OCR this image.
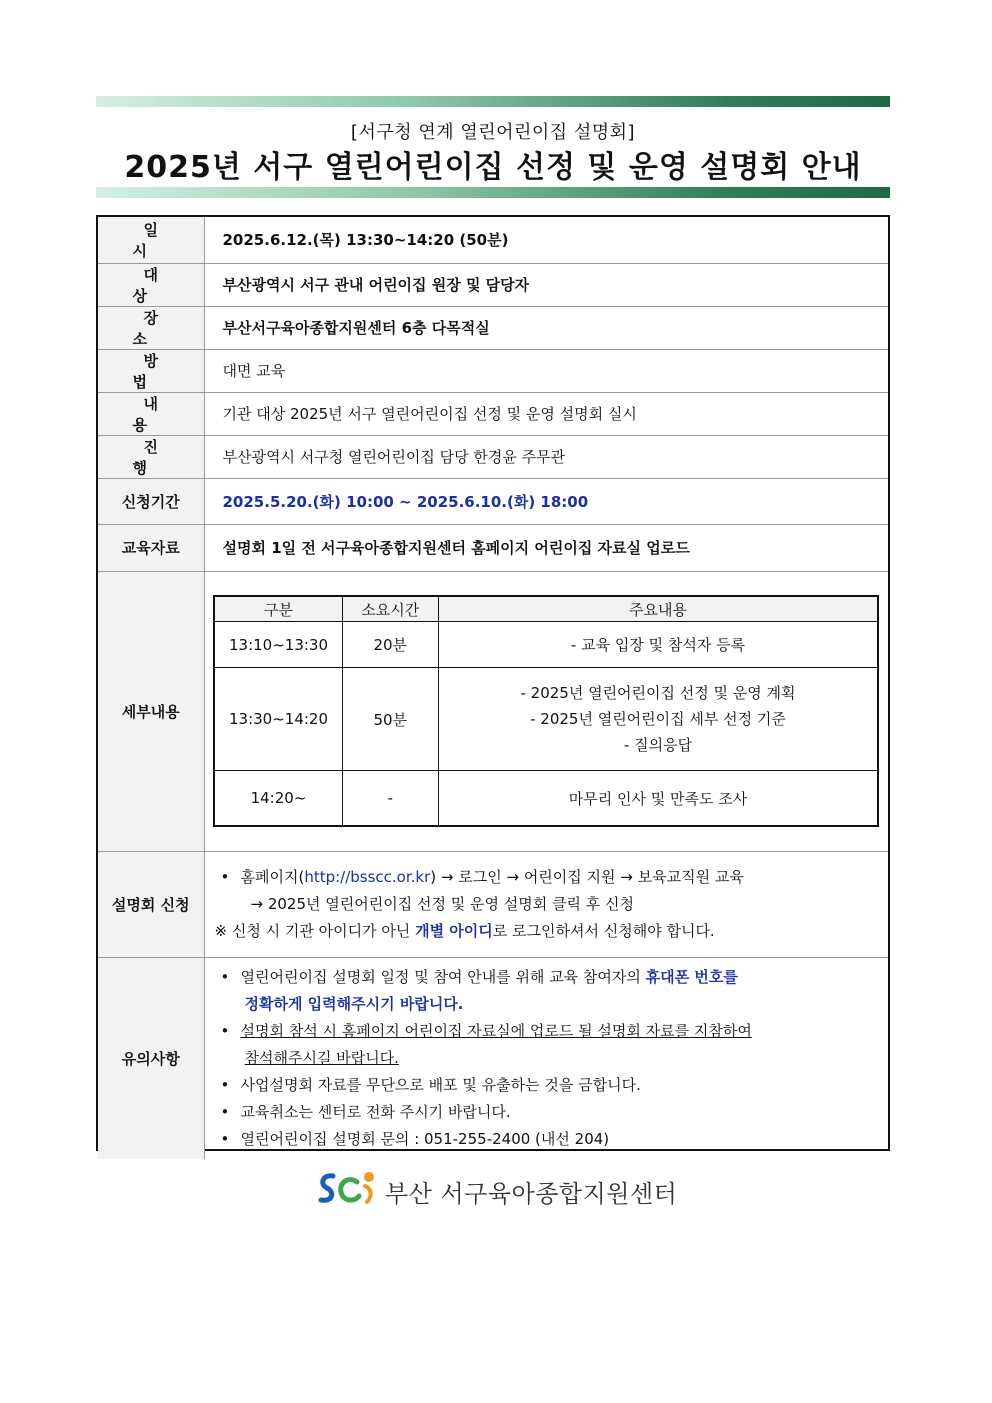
[서구청 연계 열린어린이집 설명회]
2025년 서구 열린어린이집 선정 및 운영 설명회 안내
일 시	2025.6.12.(목) 13:30~14:20 (50분)
대 상	부산광역시 서구 관내 어린이집 원장 및 담당자
장 소	부산서구육아종합지원센터 6층 다목적실
방 법	대면 교육
내 용	기관 대상 2025년 서구 열린어린이집 선정 및 운영 설명회 실시
진 행	부산광역시 서구청 열린어린이집 담당 한경윤 주무관
신청기간	2025.5.20.(화) 10:00 ~ 2025.6.10.(화) 18:00
교육자료	설명회 1일 전 서구육아종합지원센터 홈페이지 어린이집 자료실 업로드
세부내용	
구분	소요시간	주요내용
13:10~13:30	20분	- 교육 입장 및 참석자 등록
13:30~14:20	50분	
- 2025년 열린어린이집 선정 및 운영 계획
- 2025년 열린어린이집 세부 선정 기준
- 질의응답

14:20~	-	마무리 인사 및 만족도 조사

설명회 신청	
• 홈페이지(http://bsscc.or.kr) → 로그인 → 어린이집 지원 → 보육교직원 교육
→ 2025년 열린어린이집 선정 및 운영 설명회 클릭 후 신청
※ 신청 시 기관 아이디가 아닌 개별 아이디로 로그인하셔서 신청해야 합니다.

유의사항	
• 열린어린이집 설명회 일정 및 참여 안내를 위해 교육 참여자의 휴대폰 번호를
정확하게 입력해주시기 바랍니다.
• 설명회 참석 시 홈페이지 어린이집 자료실에 업로드 될 설명회 자료를 지참하여
참석해주시길 바랍니다.
• 사업설명회 자료를 무단으로 배포 및 유출하는 것을 금합니다.
• 교육취소는 센터로 전화 주시기 바랍니다.
• 열린어린이집 설명회 문의 : 051-255-2400 (내선 204)
부산 서구육아종합지원센터
